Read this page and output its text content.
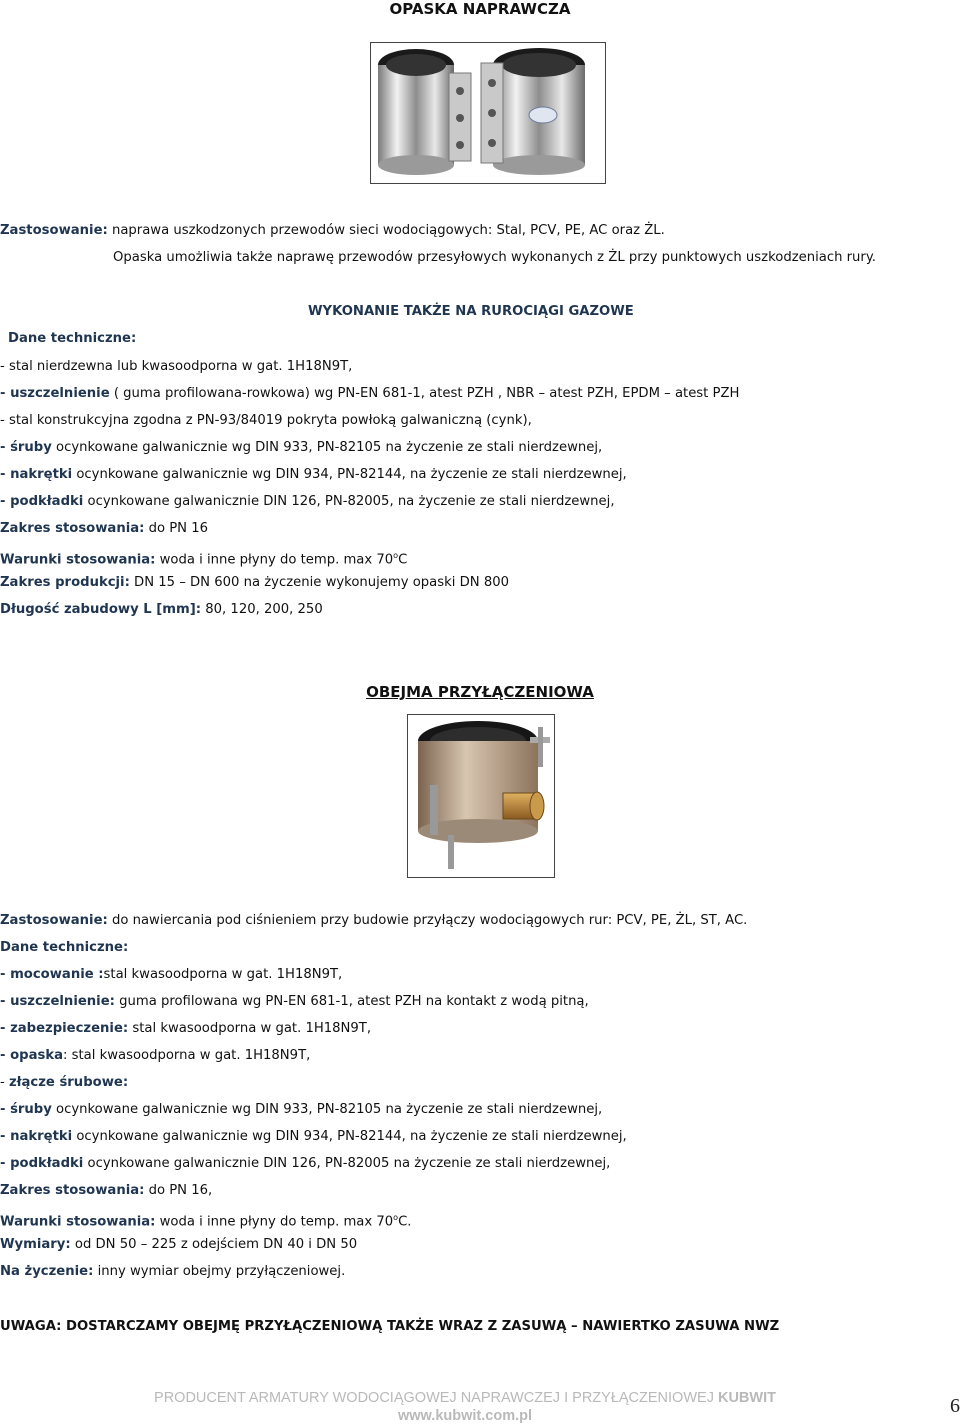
OPASKA NAPRAWCZA
Zastosowanie: naprawa uszkodzonych przewodów sieci wodociągowych: Stal, PCV, PE, AC oraz ŻL.
Opaska umożliwia także naprawę przewodów przesyłowych wykonanych z ŻL przy punktowych uszkodzeniach rury.
WYKONANIE TAKŻE NA RUROCIĄGI GAZOWE
Dane techniczne:
- stal nierdzewna lub kwasoodporna w gat. 1H18N9T,
- uszczelnienie ( guma profilowana-rowkowa) wg PN-EN 681-1, atest PZH , NBR – atest PZH, EPDM – atest PZH
- stal konstrukcyjna zgodna z PN-93/84019 pokryta powłoką galwaniczną (cynk),
- śruby ocynkowane galwanicznie wg DIN 933, PN-82105 na życzenie ze stali nierdzewnej,
- nakrętki ocynkowane galwanicznie wg DIN 934, PN-82144, na życzenie ze stali nierdzewnej,
- podkładki ocynkowane galwanicznie DIN 126, PN-82005, na życzenie ze stali nierdzewnej,
Zakres stosowania: do PN 16
Warunki stosowania: woda i inne płyny do temp. max 70$^o$C
Zakres produkcji: DN 15 – DN 600 na życzenie wykonujemy opaski DN 800
Długość zabudowy L [mm]: 80, 120, 200, 250
OBEJMA PRZYŁĄCZENIOWA
Zastosowanie: do nawiercania pod ciśnieniem przy budowie przyłączy wodociągowych rur: PCV, PE, ŻL, ST, AC.
Dane techniczne:
- mocowanie :stal kwasoodporna w gat. 1H18N9T,
- uszczelnienie: guma profilowana wg PN-EN 681-1, atest PZH na kontakt z wodą pitną,
- zabezpieczenie: stal kwasoodporna w gat. 1H18N9T,
- opaska: stal kwasoodporna w gat. 1H18N9T,
- złącze śrubowe:
- śruby ocynkowane galwanicznie wg DIN 933, PN-82105 na życzenie ze stali nierdzewnej,
- nakrętki ocynkowane galwanicznie wg DIN 934, PN-82144, na życzenie ze stali nierdzewnej,
- podkładki ocynkowane galwanicznie DIN 126, PN-82005 na życzenie ze stali nierdzewnej,
Zakres stosowania: do PN 16,
Warunki stosowania: woda i inne płyny do temp. max 70$^o$C.
Wymiary: od DN 50 – 225 z odejściem DN 40 i DN 50
Na życzenie: inny wymiar obejmy przyłączeniowej.
UWAGA: DOSTARCZAMY OBEJMĘ PRZYŁĄCZENIOWĄ TAKŻE WRAZ Z ZASUWĄ – NAWIERTKO ZASUWA NWZ
PRODUCENT ARMATURY WODOCIĄGOWEJ NAPRAWCZEJ I PRZYŁĄCZENIOWEJ KUBWIT
www.kubwit.com.pl	6
